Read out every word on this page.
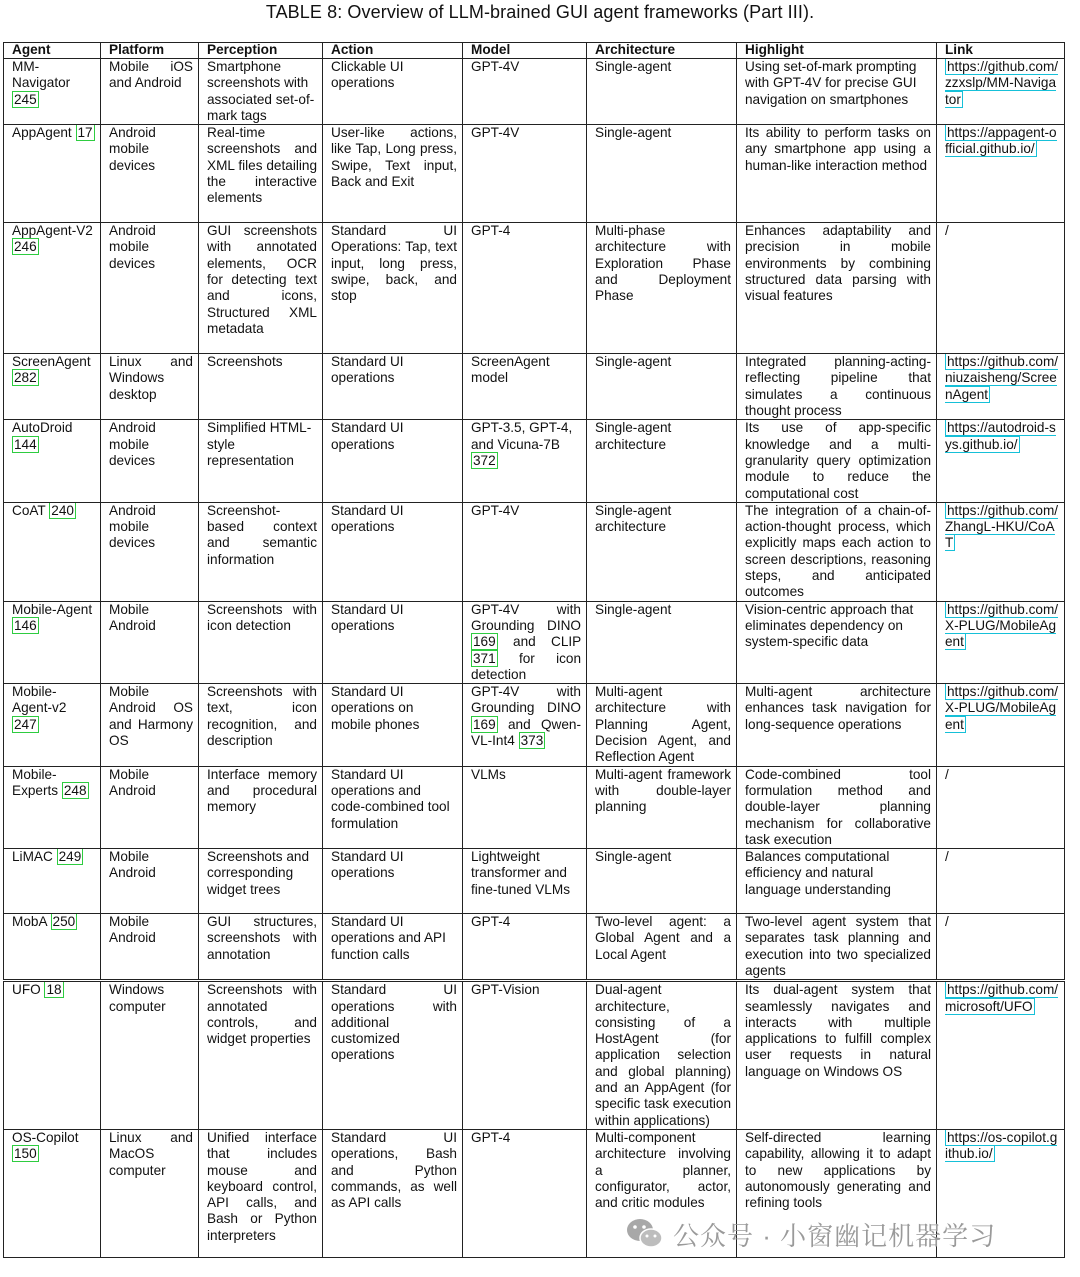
TABLE 8: Overview of LLM-brained GUI agent frameworks (Part III).
Agent	Platform	Perception	Action	Model	Architecture	Highlight	Link
MM-Navigator 245	Mobile iOS and Android	Smartphone screenshots with associated set-of-mark tags	Clickable UI operations	GPT-4V	Single-agent	Using set-of-mark prompting with GPT-4V for precise GUI navigation on smartphones	https://github.com/zzxslp/MM-Navigator
AppAgent 17	Android mobile devices	Real-time screenshots and XML files detailing the interactive elements	User-like actions, like Tap, Long press, Swipe, Text input, Back and Exit	GPT-4V	Single-agent	Its ability to perform tasks on any smartphone app using a human-like interaction method	https://appagent-official.github.io/
AppAgent-V2 246	Android mobile devices	GUI screenshots with annotated elements, OCR for detecting text and icons, Structured XML metadata	Standard UI Operations: Tap, text input, long press, swipe, back, and stop	GPT-4	Multi-phase architecture with Exploration Phase and Deployment Phase	Enhances adaptability and precision in mobile environments by combining structured data parsing with visual features	/
ScreenAgent 282	Linux and Windows desktop	Screenshots	Standard UI operations	ScreenAgent model	Single-agent	Integrated planning-acting-reflecting pipeline that simulates a continuous thought process	https://github.com/niuzaisheng/ScreenAgent
AutoDroid 144	Android mobile devices	Simplified HTML-style representation	Standard UI operations	GPT-3.5, GPT-4, and Vicuna-7B 372	Single-agent architecture	Its use of app-specific knowledge and a multi-granularity query optimization module to reduce the computational cost	https://autodroid-sys.github.io/
CoAT 240	Android mobile devices	Screenshot-based context and semantic information	Standard UI operations	GPT-4V	Single-agent architecture	The integration of a chain-of-action-thought process, which explicitly maps each action to screen descriptions, reasoning steps, and anticipated outcomes	https://github.com/ZhangL-HKU/CoAT
Mobile-Agent 146	Mobile Android	Screenshots with icon detection	Standard UI operations	GPT-4V with Grounding DINO 169 and CLIP 371 for icon detection	Single-agent	Vision-centric approach that eliminates dependency on system-specific data	https://github.com/X-PLUG/MobileAgent
Mobile-Agent-v2 247	Mobile Android OS and Harmony OS	Screenshots with text, icon recognition, and description	Standard UI operations on mobile phones	GPT-4V with Grounding DINO 169 and Qwen-VL-Int4 373	Multi-agent architecture with Planning Agent, Decision Agent, and Reflection Agent	Multi-agent architecture enhances task navigation for long-sequence operations	https://github.com/X-PLUG/MobileAgent
Mobile-Experts 248	Mobile Android	Interface memory and procedural memory	Standard UI operations and code-combined tool formulation	VLMs	Multi-agent framework with double-layer planning	Code-combined tool formulation method and double-layer planning mechanism for collaborative task execution	/
LiMAC 249	Mobile Android	Screenshots and corresponding widget trees	Standard UI operations	Lightweight transformer and fine-tuned VLMs	Single-agent	Balances computational efficiency and natural language understanding	/
MobA 250	Mobile Android	GUI structures, screenshots with annotation	Standard UI operations and API function calls	GPT-4	Two-level agent: a Global Agent and a Local Agent	Two-level agent system that separates task planning and execution into two specialized agents	/
UFO 18	Windows computer	Screenshots with annotated controls, and widget properties	Standard UI operations with additional customized operations	GPT-Vision	Dual-agent architecture, consisting of a HostAgent (for application selection and global planning) and an AppAgent (for specific task execution within applications)	Its dual-agent system that seamlessly navigates and interacts with multiple applications to fulfill complex user requests in natural language on Windows OS	https://github.com/microsoft/UFO
OS-Copilot 150	Linux and MacOS computer	Unified interface that includes mouse and keyboard control, API calls, and Bash or Python interpreters	Standard UI operations, Bash and Python commands, as well as API calls	GPT-4	Multi-component architecture involving a planner, configurator, actor, and critic modules	Self-directed learning capability, allowing it to adapt to new applications by autonomously generating and refining tools	https://os-copilot.github.io/
公众号 · 小窗幽记机器学习
